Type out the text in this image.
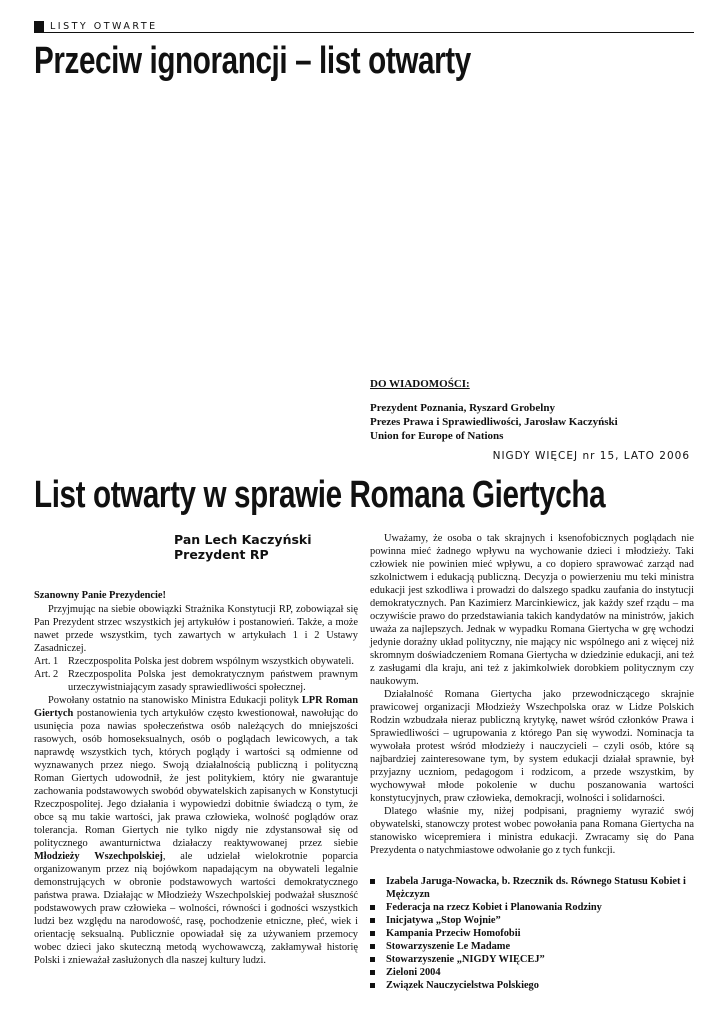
LISTY OTWARTE
Przeciw ignorancji – list otwarty
DO WIADOMOŚCI:
Prezydent Poznania, Ryszard Grobelny
Prezes Prawa i Sprawiedliwości, Jarosław Kaczyński
Union for Europe of Nations
NIGDY WIĘCEJ nr 15, LATO 2006
List otwarty w sprawie Romana Giertycha
Pan Lech Kaczyński
Prezydent RP
Szanowny Panie Prezydencie!

Przyjmując na siebie obowiązki Strażnika Konstytucji RP, zobowiązał się Pan Prezydent strzec wszystkich jej artykułów i postanowień. Także, a może nawet przede wszystkim, tych zawartych w artykułach 1 i 2 Ustawy Zasadniczej.

Art. 1 Rzeczpospolita Polska jest dobrem wspólnym wszystkich obywateli.
Art. 2 Rzeczpospolita Polska jest demokratycznym państwem prawnym urzeczywistniającym zasady sprawiedliwości społecznej.

Powołany ostatnio na stanowisko Ministra Edukacji polityk LPR Roman Giertych postanowienia tych artykułów często kwestionował, nawołując do usunięcia poza nawias społeczeństwa osób należących do mniejszości rasowych, osób homoseksualnych, osób o poglądach lewicowych, a tak naprawdę wszystkich tych, których poglądy i wartości są odmienne od wyznawanych przez niego. Swoją działalnością publiczną i polityczną Roman Giertych udowodnił, że jest politykiem, który nie gwarantuje zachowania podstawowych swobód obywatelskich zapisanych w Konstytucji Rzeczpospolitej. Jego działania i wypowiedzi dobitnie świadczą o tym, że obce są mu takie wartości, jak prawa człowieka, wolność poglądów oraz tolerancja. Roman Giertych nie tylko nigdy nie zdystansował się od politycznego awanturnictwa działaczy reaktywowanej przez siebie Młodzieży Wszechpolskiej, ale udzielał wielokrotnie poparcia organizowanym przez nią bojówkom napadającym na obywateli legalnie demonstrujących w obronie podstawowych wartości demokratycznego państwa prawa. Działając w Młodzieży Wszechpolskiej podważał słuszność podstawowych praw człowieka – wolności, równości i godności wszystkich ludzi bez względu na narodowość, rasę, pochodzenie etniczne, płeć, wiek i orientację seksualną. Publicznie opowiadał się za używaniem przemocy wobec dzieci jako skuteczną metodą wychowawczą, zakłamywał historię Polski i znieważał zasłużonych dla naszej kultury ludzi.

Uważamy, że osoba o tak skrajnych i ksenofobicznych poglądach nie powinna mieć żadnego wpływu na wychowanie dzieci i młodzieży. Taki człowiek nie powinien mieć wpływu, a co dopiero sprawować zarząd nad szkolnictwem i edukacją publiczną. Decyzja o powierzeniu mu teki ministra edukacji jest szkodliwa i prowadzi do dalszego spadku zaufania do instytucji demokratycznych. Pan Kazimierz Marcinkiewicz, jak każdy szef rządu – ma oczywiście prawo do przedstawiania takich kandydatów na ministrów, jakich uważa za najlepszych. Jednak w wypadku Romana Giertycha w grę wchodzi jedynie doraźny układ polityczny, nie mający nic wspólnego ani z więcej niż skromnym doświadczeniem Romana Giertycha w dziedzinie edukacji, ani też z zasługami dla kraju, ani też z jakimkolwiek dorobkiem politycznym czy naukowym.

Działalność Romana Giertycha jako przewodniczącego skrajnie prawicowej organizacji Młodzieży Wszechpolska oraz w Lidze Polskich Rodzin wzbudzała nieraz publiczną krytykę, nawet wśród członków Prawa i Sprawiedliwości – ugrupowania z którego Pan się wywodzi. Nominacja ta wywołała protest wśród młodzieży i nauczycieli – czyli osób, które są najbardziej zainteresowane tym, by system edukacji działał sprawnie, był przyjazny uczniom, pedagogom i rodzicom, a przede wszystkim, by wychowywał młode pokolenie w duchu poszanowania wartości konstytucyjnych, praw człowieka, demokracji, wolności i solidarności.

Dlatego właśnie my, niżej podpisani, pragniemy wyrazić swój obywatelski, stanowczy protest wobec powołania pana Romana Giertycha na stanowisko wicepremiera i ministra edukacji. Zwracamy się do Pana Prezydenta o natychmiastowe odwołanie go z tych funkcji.

Izabela Jaruga-Nowacka, b. Rzecznik ds. Równego Statusu Kobiet i Mężczyzn
Federacja na rzecz Kobiet i Planowania Rodziny
Inicjatywa „Stop Wojnie”
Kampania Przeciw Homofobii
Stowarzyszenie Le Madame
Stowarzyszenie „NIGDY WIĘCEJ”
Zieloni 2004
Związek Nauczycielstwa Polskiego
